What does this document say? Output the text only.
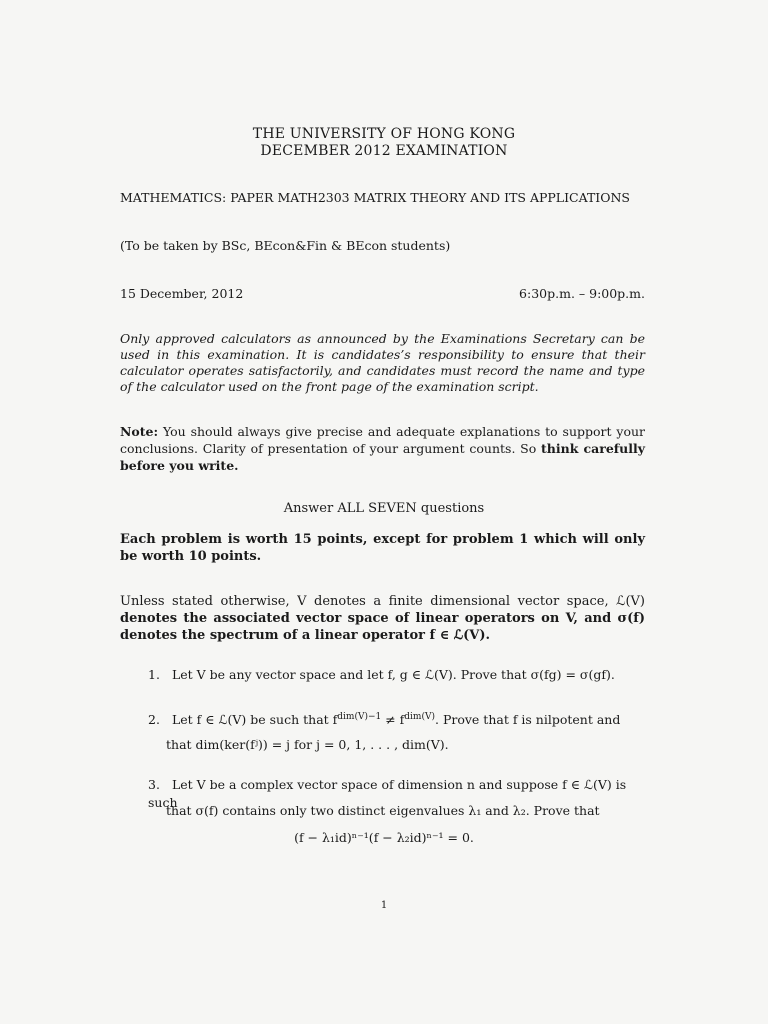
THE UNIVERSITY OF HONG KONG
DECEMBER 2012 EXAMINATION
MATHEMATICS: PAPER MATH2303 MATRIX THEORY AND ITS APPLICATIONS
(To be taken by BSc, BEcon&Fin & BEcon students)
15 December, 2012	6:30p.m. – 9:00p.m.
Only approved calculators as announced by the Examinations Secretary can be used in this examination. It is candidates’s responsibility to ensure that their calculator operates satisfactorily, and candidates must record the name and type of the calculator used on the front page of the examination script.
Note: You should always give precise and adequate explanations to support your conclusions. Clarity of presentation of your argument counts. So think carefully before you write.
Answer ALL SEVEN questions
Each problem is worth 15 points, except for problem 1 which will only be worth 10 points.
Unless stated otherwise, V denotes a finite dimensional vector space, ℒ(V) denotes the associated vector space of linear operators on V, and σ(f) denotes the spectrum of a linear operator f ∈ ℒ(V).
1. Let V be any vector space and let f, g ∈ ℒ(V). Prove that σ(fg) = σ(gf).
2. Let f ∈ ℒ(V) be such that $f^{dim(V)-1} \ne f^{dim(V)}$. Prove that f is nilpotent and
that dim(ker(fʲ)) = j for j = 0, 1, . . . , dim(V).
3. Let V be a complex vector space of dimension n and suppose f ∈ ℒ(V) is such
that σ(f) contains only two distinct eigenvalues λ₁ and λ₂. Prove that
(f − λ₁id)ⁿ⁻¹(f − λ₂id)ⁿ⁻¹ = 0.
1
